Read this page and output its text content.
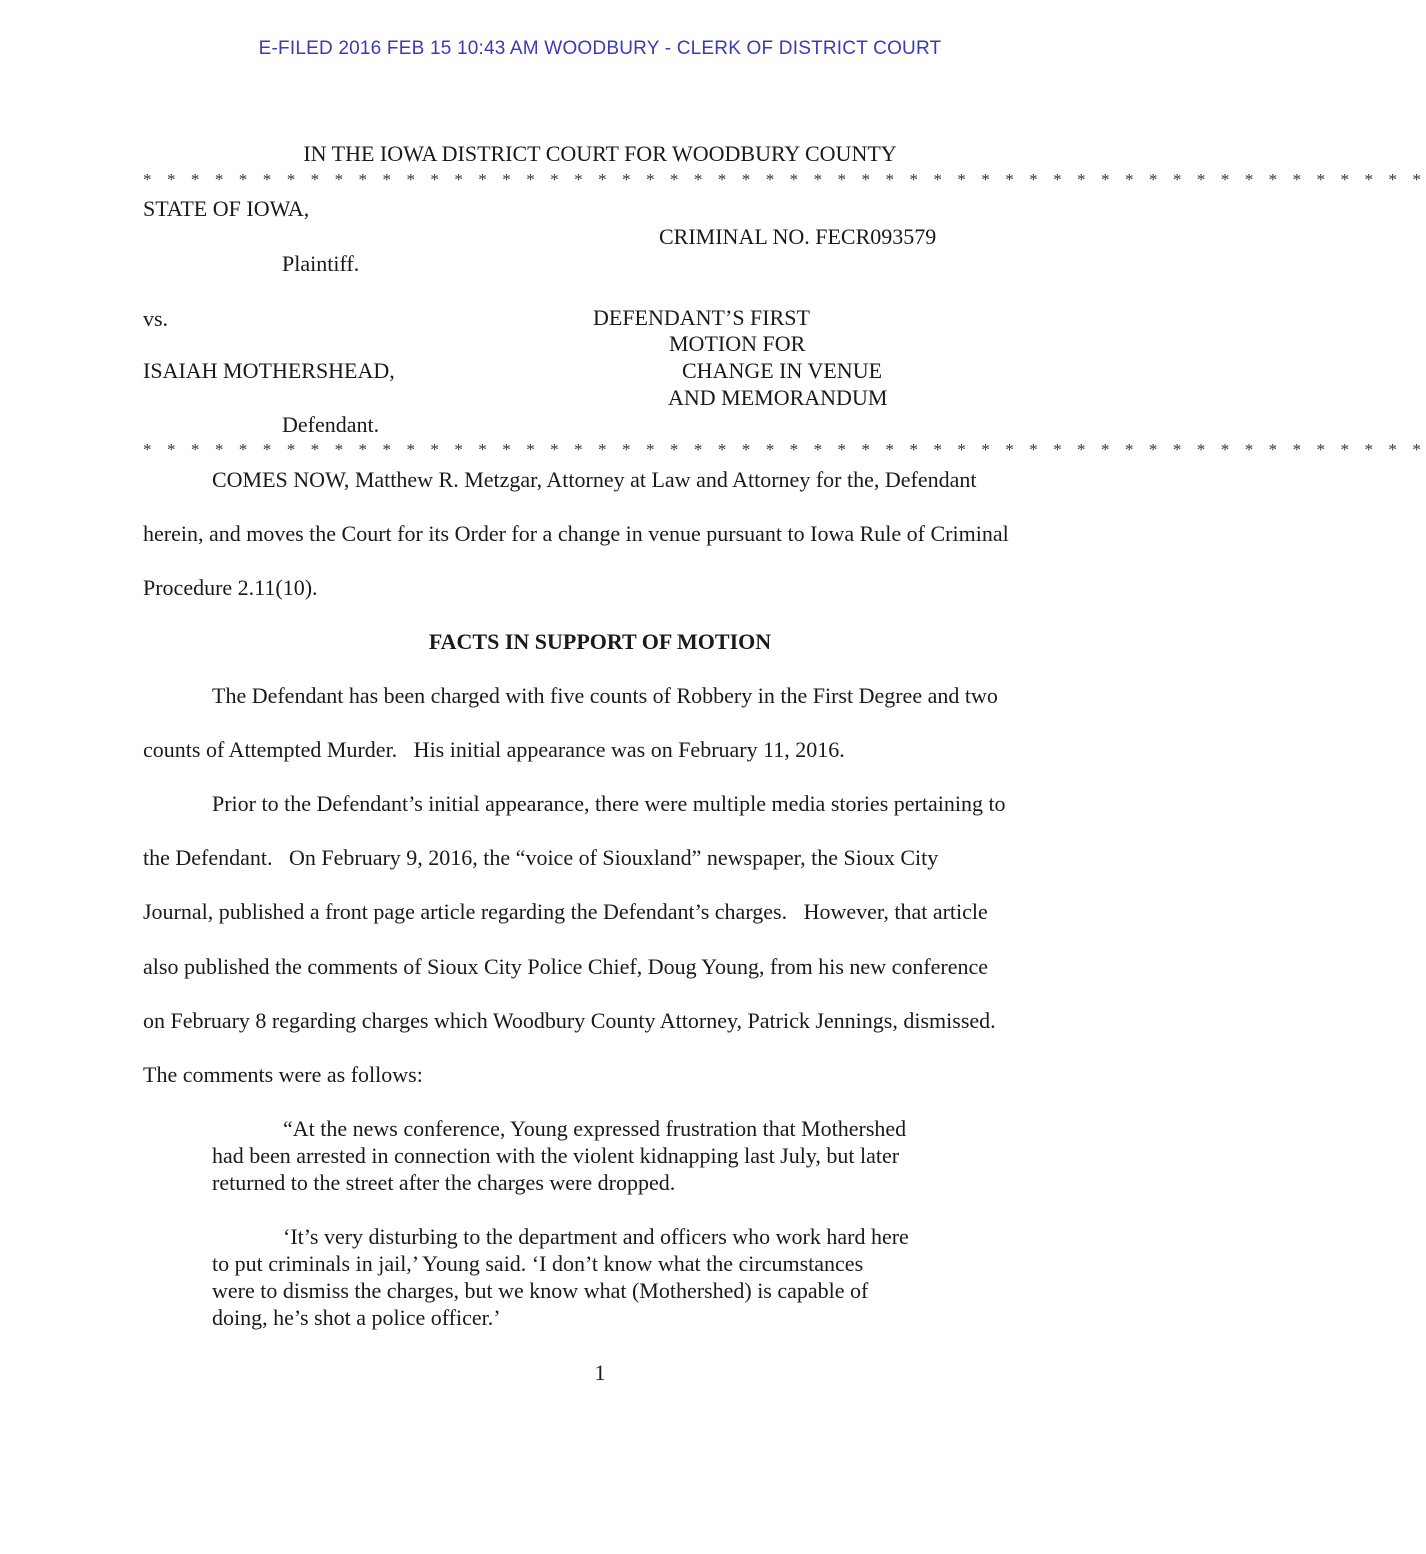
E-FILED 2016 FEB 15 10:43 AM WOODBURY - CLERK OF DISTRICT COURT
IN THE IOWA DISTRICT COURT FOR WOODBURY COUNTY
* * * * * * * * * * * * * * * * * * * * * * * * * * * * * * * * * * * * * * * * * * * * * * * * * * * * * *
STATE OF IOWA,
Plaintiff.
vs.
ISAIAH MOTHERSHEAD,
Defendant.
CRIMINAL NO. FECR093579
DEFENDANT’S FIRST
MOTION FOR
CHANGE IN VENUE
AND MEMORANDUM
* * * * * * * * * * * * * * * * * * * * * * * * * * * * * * * * * * * * * * * * * * * * * * * * * * * * * *
COMES NOW, Matthew R. Metzgar, Attorney at Law and Attorney for the, Defendant
herein, and moves the Court for its Order for a change in venue pursuant to Iowa Rule of Criminal
Procedure 2.11(10).
FACTS IN SUPPORT OF MOTION
The Defendant has been charged with five counts of Robbery in the First Degree and two
counts of Attempted Murder.   His initial appearance was on February 11, 2016.
Prior to the Defendant’s initial appearance, there were multiple media stories pertaining to
the Defendant.   On February 9, 2016, the “voice of Siouxland” newspaper, the Sioux City
Journal, published a front page article regarding the Defendant’s charges.   However, that article
also published the comments of Sioux City Police Chief, Doug Young, from his new conference
on February 8 regarding charges which Woodbury County Attorney, Patrick Jennings, dismissed.
The comments were as follows:
“At the news conference, Young expressed frustration that Mothershed
had been arrested in connection with the violent kidnapping last July, but later
returned to the street after the charges were dropped.
‘It’s very disturbing to the department and officers who work hard here
to put criminals in jail,’ Young said. ‘I don’t know what the circumstances
were to dismiss the charges, but we know what (Mothershed) is capable of
doing, he’s shot a police officer.’
1
